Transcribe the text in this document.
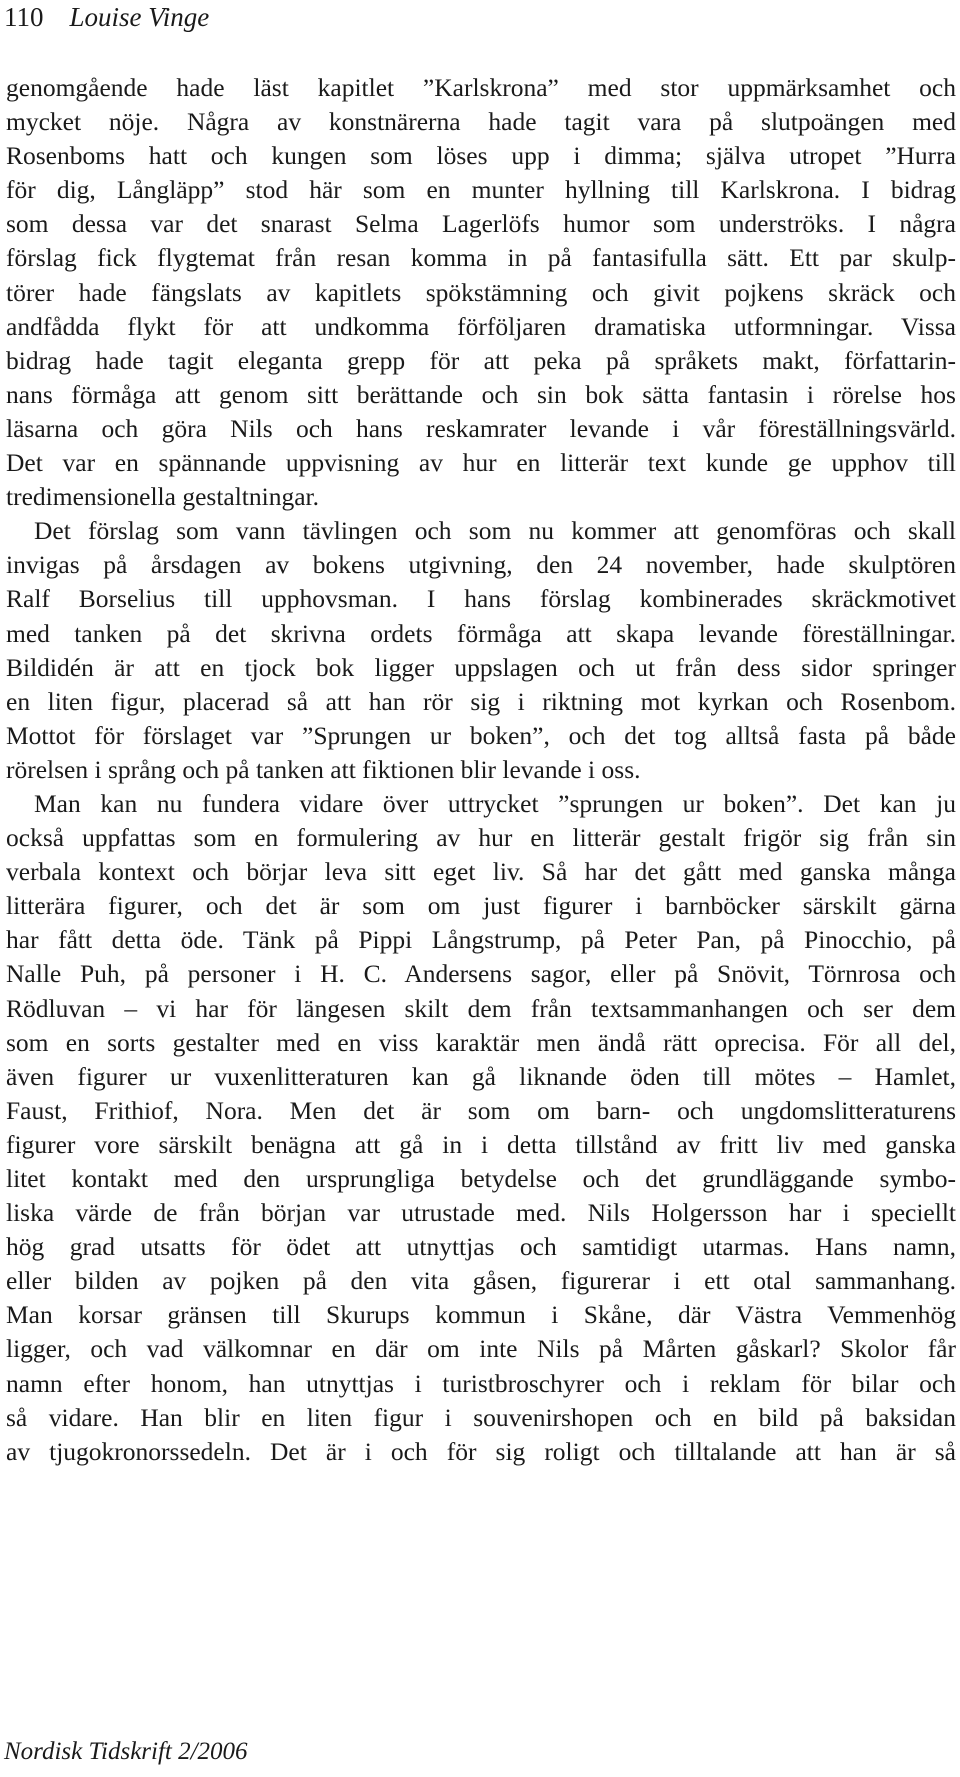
110 Louise Vinge

genomgående hade läst kapitlet ”Karlskrona” med stor uppmärksamhet och
mycket nöje. Några av konstnärerna hade tagit vara på slutpoängen med
Rosenboms hatt och kungen som löses upp i dimma; själva utropet ”Hurra
för dig, Långläpp” stod här som en munter hyllning till Karlskrona. I bidrag
som dessa var det snarast Selma Lagerlöfs humor som underströks. I några
förslag fick flygtemat från resan komma in på fantasifulla sätt. Ett par skulp-
törer hade fängslats av kapitlets spökstämning och givit pojkens skräck och
andfådda flykt för att undkomma förföljaren dramatiska utformningar. Vissa
bidrag hade tagit eleganta grepp för att peka på språkets makt, författarin-
nans förmåga att genom sitt berättande och sin bok sätta fantasin i rörelse hos
läsarna och göra Nils och hans reskamrater levande i vår föreställningsvärld.
Det var en spännande uppvisning av hur en litterär text kunde ge upphov till
tredimensionella gestaltningar.

Det förslag som vann tävlingen och som nu kommer att genomföras och skall
invigas på årsdagen av bokens utgivning, den 24 november, hade skulptören
Ralf Borselius till upphovsman. I hans förslag kombinerades skräckmotivet
med tanken på det skrivna ordets förmåga att skapa levande föreställningar.
Bildidén är att en tjock bok ligger uppslagen och ut från dess sidor springer
en liten figur, placerad så att han rör sig i riktning mot kyrkan och Rosenbom.
Mottot för förslaget var ”Sprungen ur boken”, och det tog alltså fasta på både
rörelsen i språng och på tanken att fiktionen blir levande i oss.

Man kan nu fundera vidare över uttrycket ”sprungen ur boken”. Det kan ju
också uppfattas som en formulering av hur en litterär gestalt frigör sig från sin
verbala kontext och börjar leva sitt eget liv. Så har det gått med ganska många
litterära figurer, och det är som om just figurer i barnböcker särskilt gärna
har fått detta öde. Tänk på Pippi Långstrump, på Peter Pan, på Pinocchio, på
Nalle Puh, på personer i H. C. Andersens sagor, eller på Snövit, Törnrosa och
Rödluvan – vi har för längesen skilt dem från textsammanhangen och ser dem
som en sorts gestalter med en viss karaktär men ändå rätt oprecisa. För all del,
även figurer ur vuxenlitteraturen kan gå liknande öden till mötes – Hamlet,
Faust, Frithiof, Nora. Men det är som om barn- och ungdomslitteraturens
figurer vore särskilt benägna att gå in i detta tillstånd av fritt liv med ganska
litet kontakt med den ursprungliga betydelse och det grundläggande symbo-
liska värde de från början var utrustade med. Nils Holgersson har i speciellt
hög grad utsatts för ödet att utnyttjas och samtidigt utarmas. Hans namn,
eller bilden av pojken på den vita gåsen, figurerar i ett otal sammanhang.
Man korsar gränsen till Skurups kommun i Skåne, där Västra Vemmenhög
ligger, och vad välkomnar en där om inte Nils på Mårten gåskarl? Skolor får
namn efter honom, han utnyttjas i turistbroschyrer och i reklam för bilar och
så vidare. Han blir en liten figur i souvenirshopen och en bild på baksidan
av tjugokronorssedeln. Det är i och för sig roligt och tilltalande att han är så

Nordisk Tidskrift 2/2006
